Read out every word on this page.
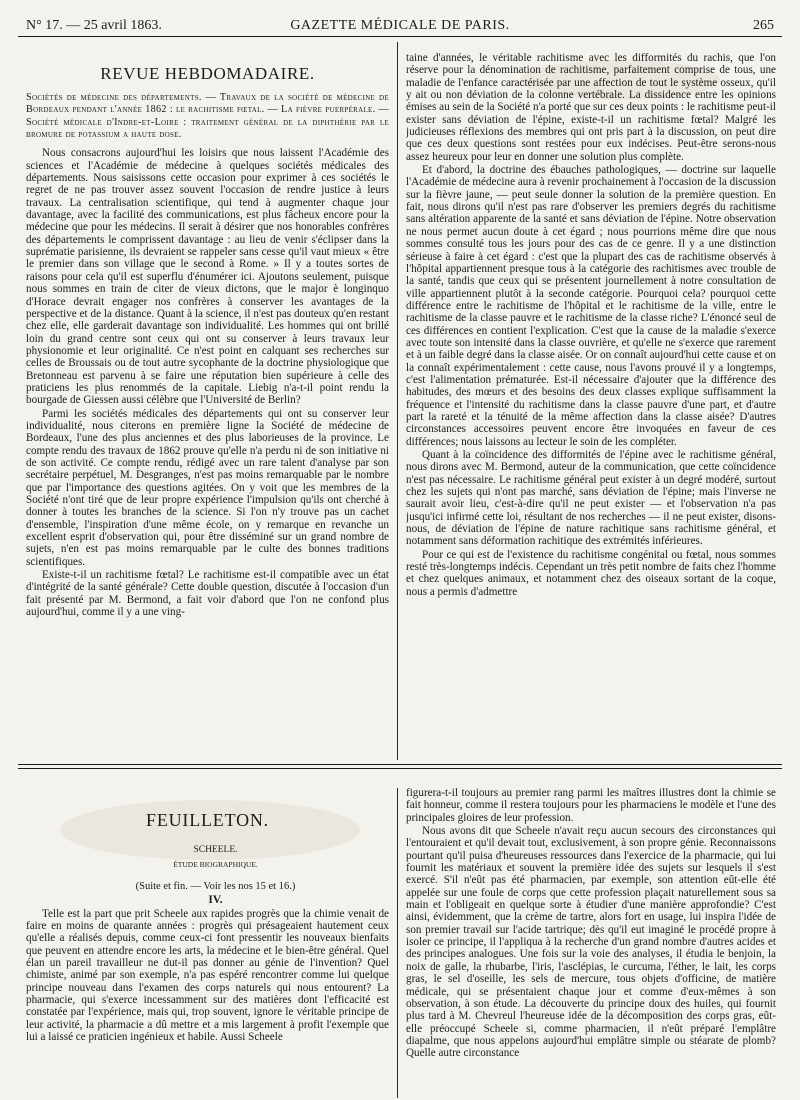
N° 17. — 25 avril 1863.	GAZETTE MÉDICALE DE PARIS.	265
REVUE HEBDOMADAIRE.
Sociétés de médecine des départements. — Travaux de la société de médecine de Bordeaux pendant l'année 1862 : le rachitisme fœtal. — La fièvre puerpérale. — Société médicale d'Indre-et-Loire : traitement général de la diphthérie par le bromure de potassium a haute dose.

Nous consacrons aujourd'hui les loisirs que nous laissent l'Académie des sciences et l'Académie de médecine à quelques sociétés médicales des départements. Nous saisissons cette occasion pour exprimer à ces sociétés le regret de ne pas trouver assez souvent l'occasion de rendre justice à leurs travaux. La centralisation scientifique, qui tend à augmenter chaque jour davantage, avec la facilité des communications, est plus fâcheux encore pour la médecine que pour les médecins. Il serait à désirer que nos honorables confrères des départements le comprissent davantage : au lieu de venir s'éclipser dans la suprématie parisienne, ils devraient se rappeler sans cesse qu'il vaut mieux « être le premier dans son village que le second à Rome. » Il y a toutes sortes de raisons pour cela qu'il est superflu d'énumérer ici. Ajoutons seulement, puisque nous sommes en train de citer de vieux dictons, que le major è longinquo d'Horace devrait engager nos confrères à conserver les avantages de la perspective et de la distance. Quant à la science, il n'est pas douteux qu'en restant chez elle, elle garderait davantage son individualité. Les hommes qui ont brillé loin du grand centre sont ceux qui ont su conserver à leurs travaux leur physionomie et leur originalité. Ce n'est point en calquant ses recherches sur celles de Broussais ou de tout autre sycophante de la doctrine physiologique que Bretonneau est parvenu à se faire une réputation bien supérieure à celle des praticiens les plus renommés de la capitale. Liebig n'a-t-il point rendu la bourgade de Giessen aussi célèbre que l'Université de Berlin?

Parmi les sociétés médicales des départements qui ont su conserver leur individualité, nous citerons en première ligne la Société de médecine de Bordeaux, l'une des plus anciennes et des plus laborieuses de la province. Le compte rendu des travaux de 1862 prouve qu'elle n'a perdu ni de son initiative ni de son activité. Ce compte rendu, rédigé avec un rare talent d'analyse par son secrétaire perpétuel, M. Desgranges, n'est pas moins remarquable par le nombre que par l'importance des questions agitées. On y voit que les membres de la Société n'ont tiré que de leur propre expérience l'impulsion qu'ils ont cherché à donner à toutes les branches de la science. Si l'on n'y trouve pas un cachet d'ensemble, l'inspiration d'une même école, on y remarque en revanche un excellent esprit d'observation qui, pour être disséminé sur un grand nombre de sujets, n'en est pas moins remarquable par le culte des bonnes traditions scientifiques.

Existe-t-il un rachitisme fœtal? Le rachitisme est-il compatible avec un état d'intégrité de la santé générale? Cette double question, discutée à l'occasion d'un fait présenté par M. Bermond, a fait voir d'abord que l'on ne confond plus aujourd'hui, comme il y a une ving-

taine d'années, le véritable rachitisme avec les difformités du rachis, que l'on réserve pour la dénomination de rachitisme, parfaitement comprise de tous, une maladie de l'enfance caractérisée par une affection de tout le système osseux, qu'il y ait ou non déviation de la colonne vertébrale. La dissidence entre les opinions émises au sein de la Société n'a porté que sur ces deux points : le rachitisme peut-il exister sans déviation de l'épine, existe-t-il un rachitisme fœtal? Malgré les judicieuses réflexions des membres qui ont pris part à la discussion, on peut dire que ces deux questions sont restées pour eux indécises. Peut-être serons-nous assez heureux pour leur en donner une solution plus complète.

Et d'abord, la doctrine des ébauches pathologiques, — doctrine sur laquelle l'Académie de médecine aura à revenir prochainement à l'occasion de la discussion sur la fièvre jaune, — peut seule donner la solution de la première question. En fait, nous dirons qu'il n'est pas rare d'observer les premiers degrés du rachitisme sans altération apparente de la santé et sans déviation de l'épine. Notre observation ne nous permet aucun doute à cet égard ; nous pourrions même dire que nous sommes consulté tous les jours pour des cas de ce genre. Il y a une distinction sérieuse à faire à cet égard : c'est que la plupart des cas de rachitisme observés à l'hôpital appartiennent presque tous à la catégorie des rachitismes avec trouble de la santé, tandis que ceux qui se présentent journellement à notre consultation de ville appartiennent plutôt à la seconde catégorie. Pourquoi cela? pourquoi cette différence entre le rachitisme de l'hôpital et le rachitisme de la ville, entre le rachitisme de la classe pauvre et le rachitisme de la classe riche? L'énoncé seul de ces différences en contient l'explication. C'est que la cause de la maladie s'exerce avec toute son intensité dans la classe ouvrière, et qu'elle ne s'exerce que rarement et à un faible degré dans la classe aisée. Or on connaît aujourd'hui cette cause et on la connaît expérimentalement : cette cause, nous l'avons prouvé il y a longtemps, c'est l'alimentation prématurée. Est-il nécessaire d'ajouter que la différence des habitudes, des mœurs et des besoins des deux classes explique suffisamment la fréquence et l'intensité du rachitisme dans la classe pauvre d'une part, et d'autre part la rareté et la ténuité de la même affection dans la classe aisée? D'autres circonstances accessoires peuvent encore être invoquées en faveur de ces différences; nous laissons au lecteur le soin de les compléter.

Quant à la coïncidence des difformités de l'épine avec le rachitisme général, nous dirons avec M. Bermond, auteur de la communication, que cette coïncidence n'est pas nécessaire. Le rachitisme général peut exister à un degré modéré, surtout chez les sujets qui n'ont pas marché, sans déviation de l'épine; mais l'inverse ne saurait avoir lieu, c'est-à-dire qu'il ne peut exister — et l'observation n'a pas jusqu'ici infirmé cette loi, résultant de nos recherches — il ne peut exister, disons-nous, de déviation de l'épine de nature rachitique sans rachitisme général, et notamment sans déformation rachitique des extrémités inférieures.

Pour ce qui est de l'existence du rachitisme congénital ou fœtal, nous sommes resté très-longtemps indécis. Cependant un très petit nombre de faits chez l'homme et chez quelques animaux, et notamment chez des oiseaux sortant de la coque, nous a permis d'admettre

FEUILLETON.

SCHEELE.

ÉTUDE BIOGRAPHIQUE.

(Suite et fin. — Voir les nos 15 et 16.)

IV.

Telle est la part que prit Scheele aux rapides progrès que la chimie venait de faire en moins de quarante années : progrès qui présageaient hautement ceux qu'elle a réalisés depuis, comme ceux-ci font pressentir les nouveaux bienfaits que peuvent en attendre encore les arts, la médecine et le bien-être général. Quel élan un pareil travailleur ne dut-il pas donner au génie de l'invention? Quel chimiste, animé par son exemple, n'a pas espéré rencontrer comme lui quelque principe nouveau dans l'examen des corps naturels qui nous entourent? La pharmacie, qui s'exerce incessamment sur des matières dont l'efficacité est constatée par l'expérience, mais qui, trop souvent, ignore le véritable principe de leur activité, la pharmacie a dû mettre et a mis largement à profit l'exemple que lui a laissé ce praticien ingénieux et habile. Aussi Scheele

figurera-t-il toujours au premier rang parmi les maîtres illustres dont la chimie se fait honneur, comme il restera toujours pour les pharmaciens le modèle et l'une des principales gloires de leur profession.

Nous avons dit que Scheele n'avait reçu aucun secours des circonstances qui l'entouraient et qu'il devait tout, exclusivement, à son propre génie. Reconnaissons pourtant qu'il puisa d'heureuses ressources dans l'exercice de la pharmacie, qui lui fournit les matériaux et souvent la première idée des sujets sur lesquels il s'est exercé. S'il n'eût pas été pharmacien, par exemple, son attention eût-elle été appelée sur une foule de corps que cette profession plaçait naturellement sous sa main et l'obligeait en quelque sorte à étudier d'une manière approfondie? C'est ainsi, évidemment, que la crème de tartre, alors fort en usage, lui inspira l'idée de son premier travail sur l'acide tartrique; dès qu'il eut imaginé le procédé propre à isoler ce principe, il l'appliqua à la recherche d'un grand nombre d'autres acides et des principes analogues. Une fois sur la voie des analyses, il étudia le benjoin, la noix de galle, la rhubarbe, l'iris, l'asclépias, le curcuma, l'éther, le lait, les corps gras, le sel d'oseille, les sels de mercure, tous objets d'officine, de matière médicale, qui se présentaient chaque jour et comme d'eux-mêmes à son observation, à son étude. La découverte du principe doux des huiles, qui fournit plus tard à M. Chevreul l'heureuse idée de la décomposition des corps gras, eût-elle préoccupé Scheele si, comme pharmacien, il n'eût préparé l'emplâtre diapalme, que nous appelons aujourd'hui emplâtre simple ou stéarate de plomb? Quelle autre circonstance
